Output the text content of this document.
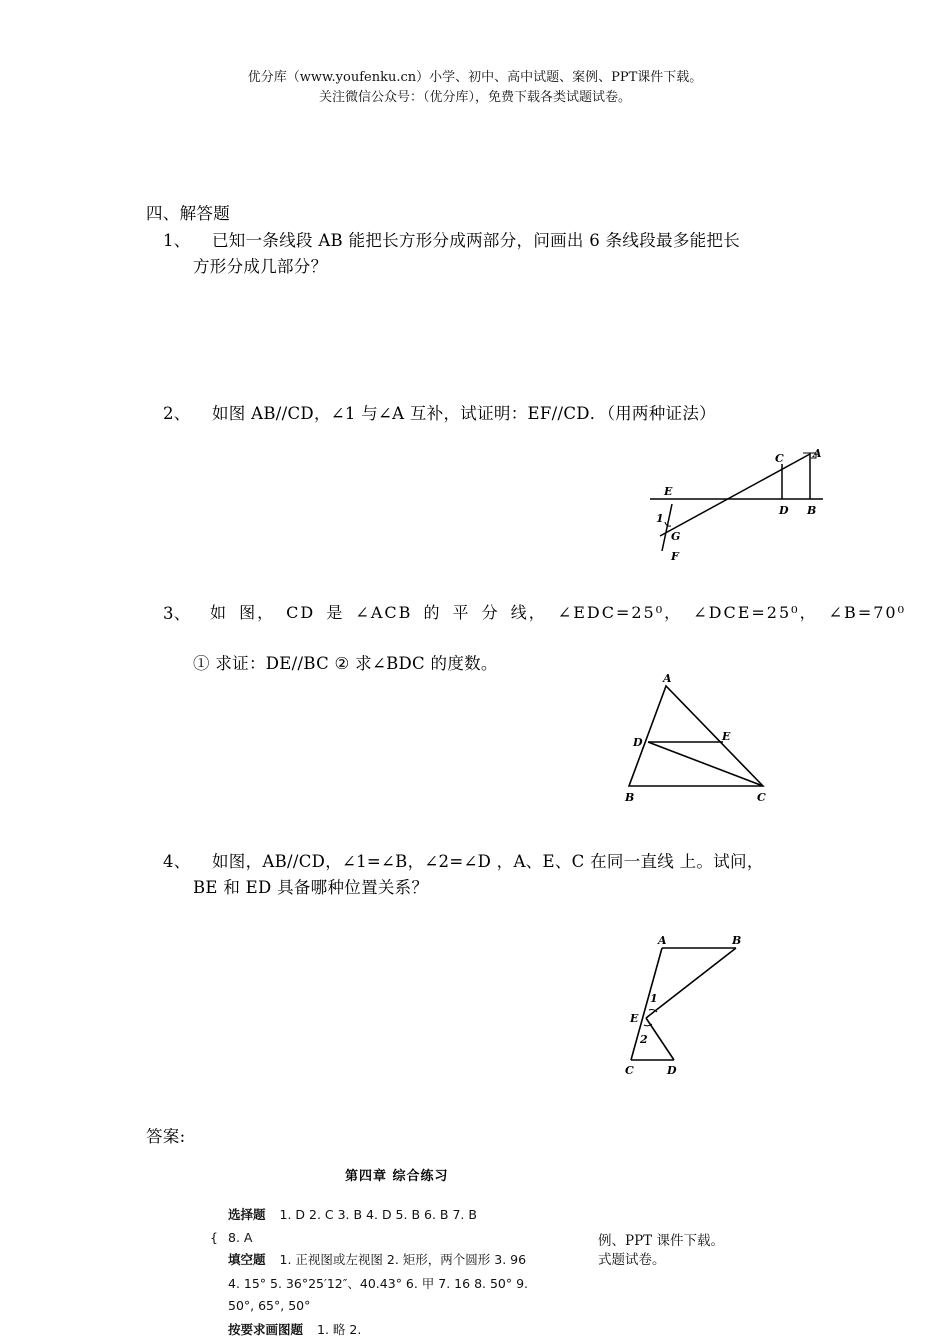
优分库（www.youfenku.cn）小学、初中、高中试题、案例、PPT课件下载。
关注微信公众号：（优分库），免费下载各类试题试卷。
四、解答题
1、 已知一条线段 AB 能把长方形分成两部分，问画出 6 条线段最多能把长
方形分成几部分？
2、 如图 AB//CD，∠1 与∠A 互补，试证明：EF//CD．（用两种证法）
C	A
E
D B
1
G
F
3、 如 图， CD 是 ∠ACB 的 平 分 线， ∠EDC=25⁰， ∠DCE=25⁰， ∠B=70⁰
① 求证：DE//BC ② 求∠BDC 的度数。
A
D	E
B	C
4、 如图，AB//CD，∠1=∠B，∠2=∠D ，A、E、C 在同一直线 上。试问，
BE 和 ED 具备哪种位置关系？
A	B
1
E
2
C	D
答案:
第四章 综合练习
选择题 1. D 2. C 3. B 4. D 5. B 6. B 7. B
{ 8. A	例、PPT 课件下载。
式题试卷。
填空题 1. 正视图或左视图 2. 矩形，两个圆形 3. 96
4. 15° 5. 36°25′12″、40.43° 6. 甲 7. 16 8. 50° 9.
50°, 65°, 50°
按要求画图题 1. 略 2.
